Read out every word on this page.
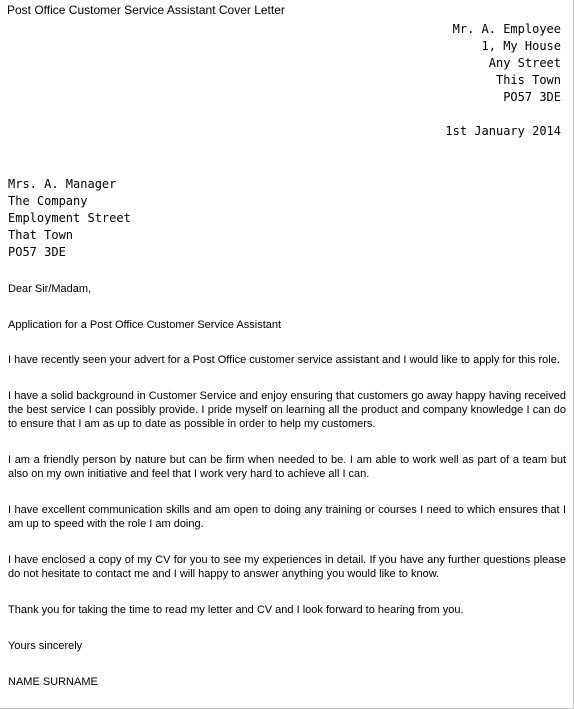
Post Office Customer Service Assistant Cover Letter
Mr. A. Employee
1, My House
Any Street
This Town
PO57 3DE
1st January 2014
Mrs. A. Manager
The Company
Employment Street
That Town
PO57 3DE
Dear Sir/Madam,
Application for a Post Office Customer Service Assistant
I have recently seen your advert for a Post Office customer service assistant and I would like to apply for this role.
I have a solid background in Customer Service and enjoy ensuring that customers go away happy having received the best service I can possibly provide. I pride myself on learning all the product and company knowledge I can do to ensure that I am as up to date as possible in order to help my customers.
I am a friendly person by nature but can be firm when needed to be. I am able to work well as part of a team but also on my own initiative and feel that I work very hard to achieve all I can.
I have excellent communication skills and am open to doing any training or courses I need to which ensures that I am up to speed with the role I am doing.
I have enclosed a copy of my CV for you to see my experiences in detail. If you have any further questions please do not hesitate to contact me and I will happy to answer anything you would like to know.
Thank you for taking the time to read my letter and CV and I look forward to hearing from you.
Yours sincerely
NAME SURNAME
